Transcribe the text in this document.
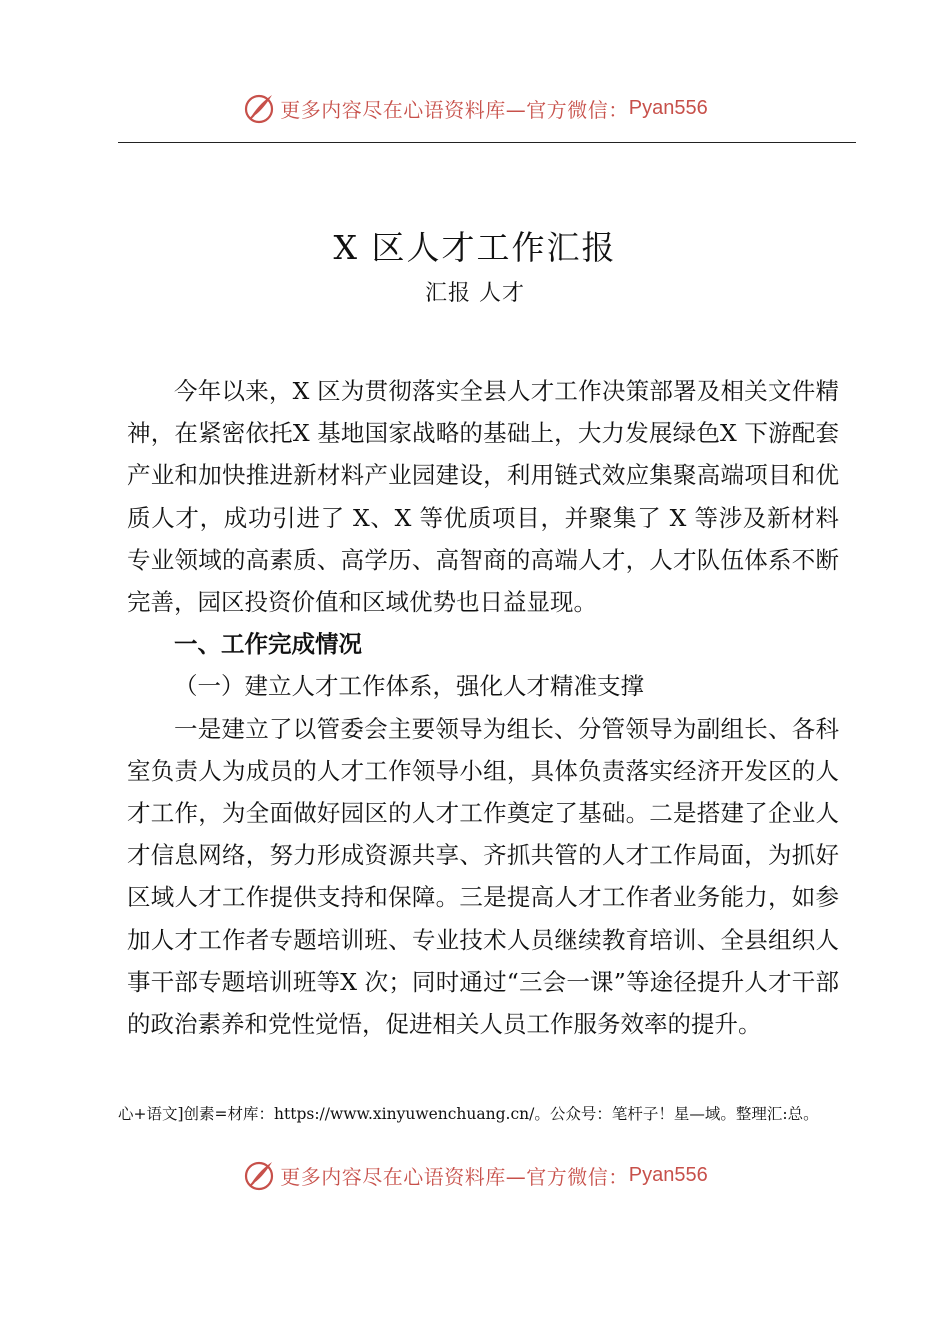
更多内容尽在心语资料库—官方微信： Pyan556
X 区人才工作汇报
汇报 人才

今年以来，X 区为贯彻落实全县人才工作决策部署及相关文件精神，在紧密依托X 基地国家战略的基础上，大力发展绿色X 下游配套产业和加快推进新材料产业园建设，利用链式效应集聚高端项目和优质人才，成功引进了 X、X 等优质项目，并聚集了 X 等涉及新材料专业领域的高素质、高学历、高智商的高端人才，人才队伍体系不断完善，园区投资价值和区域优势也日益显现。

一、工作完成情况
（一）建立人才工作体系，强化人才精准支撑

一是建立了以管委会主要领导为组长、分管领导为副组长、各科室负责人为成员的人才工作领导小组，具体负责落实经济开发区的人才工作，为全面做好园区的人才工作奠定了基础。二是搭建了企业人才信息网络，努力形成资源共享、齐抓共管的人才工作局面，为抓好区域人才工作提供支持和保障。三是提高人才工作者业务能力，如参加人才工作者专题培训班、专业技术人员继续教育培训、全县组织人事干部专题培训班等X 次；同时通过“三会一课”等途径提升人才干部的政治素养和党性觉悟，促进相关人员工作服务效率的提升。

心+语文]创素=材库：https://www.xinyuwenchuang.cn/。公众号：笔杆子！星—域。整理汇:总。
更多内容尽在心语资料库—官方微信： Pyan556
